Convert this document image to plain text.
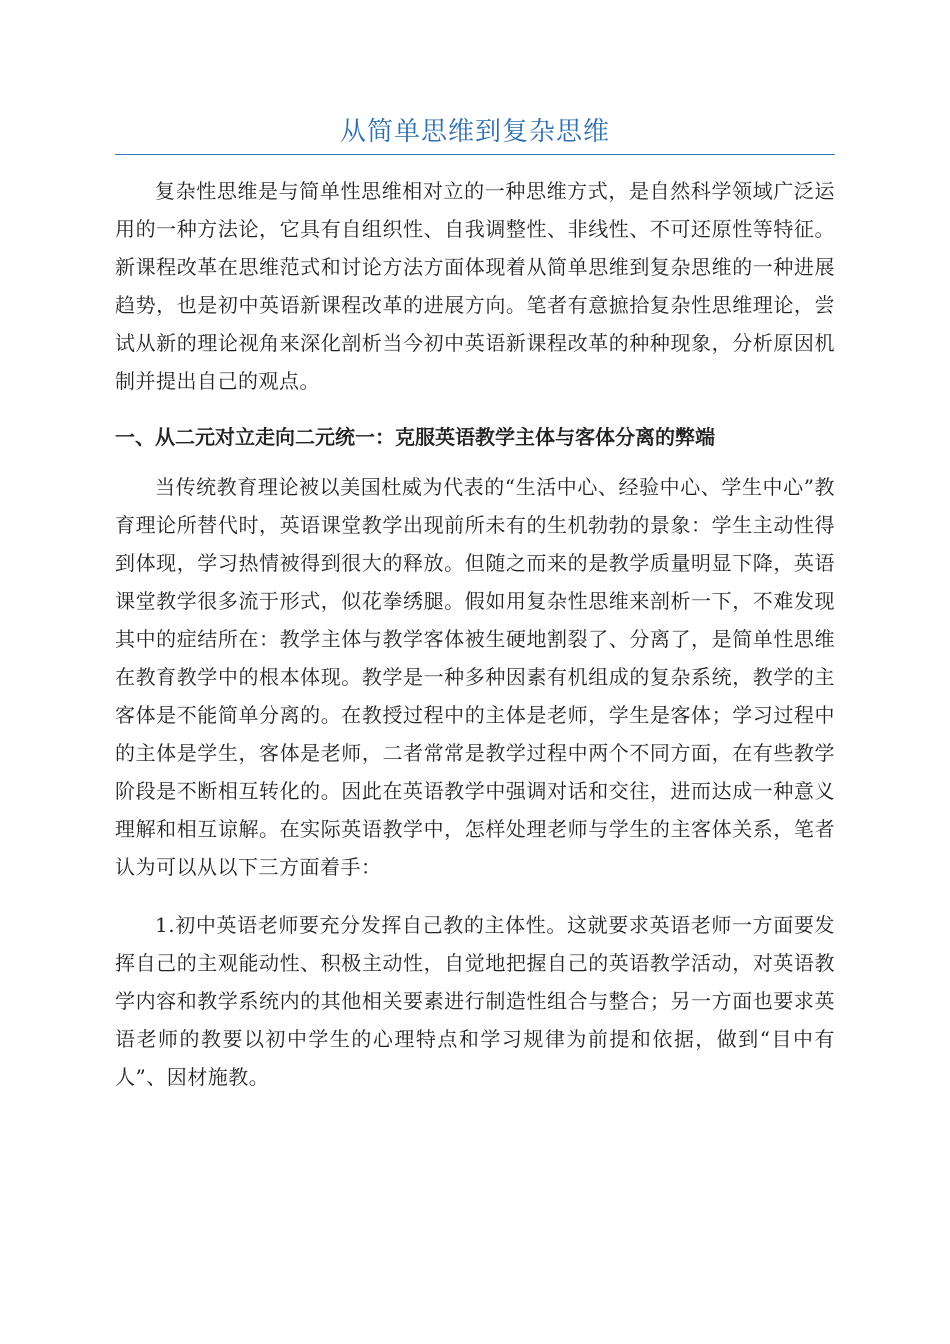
从简单思维到复杂思维

复杂性思维是与简单性思维相对立的一种思维方式，是自然科学领域广泛运用的一种方法论，它具有自组织性、自我调整性、非线性、不可还原性等特征。新课程改革在思维范式和讨论方法方面体现着从简单思维到复杂思维的一种进展趋势，也是初中英语新课程改革的进展方向。笔者有意摭拾复杂性思维理论，尝试从新的理论视角来深化剖析当今初中英语新课程改革的种种现象，分析原因机制并提出自己的观点。

一、从二元对立走向二元统一：克服英语教学主体与客体分离的弊端

当传统教育理论被以美国杜威为代表的“生活中心、经验中心、学生中心”教育理论所替代时，英语课堂教学出现前所未有的生机勃勃的景象：学生主动性得到体现，学习热情被得到很大的释放。但随之而来的是教学质量明显下降，英语课堂教学很多流于形式，似花拳绣腿。假如用复杂性思维来剖析一下，不难发现其中的症结所在：教学主体与教学客体被生硬地割裂了、分离了，是简单性思维在教育教学中的根本体现。教学是一种多种因素有机组成的复杂系统，教学的主客体是不能简单分离的。在教授过程中的主体是老师，学生是客体；学习过程中的主体是学生，客体是老师，二者常常是教学过程中两个不同方面，在有些教学阶段是不断相互转化的。因此在英语教学中强调对话和交往，进而达成一种意义理解和相互谅解。在实际英语教学中，怎样处理老师与学生的主客体关系，笔者认为可以从以下三方面着手：

1.初中英语老师要充分发挥自己教的主体性。这就要求英语老师一方面要发挥自己的主观能动性、积极主动性，自觉地把握自己的英语教学活动，对英语教学内容和教学系统内的其他相关要素进行制造性组合与整合；另一方面也要求英语老师的教要以初中学生的心理特点和学习规律为前提和依据，做到“目中有人”、因材施教。
